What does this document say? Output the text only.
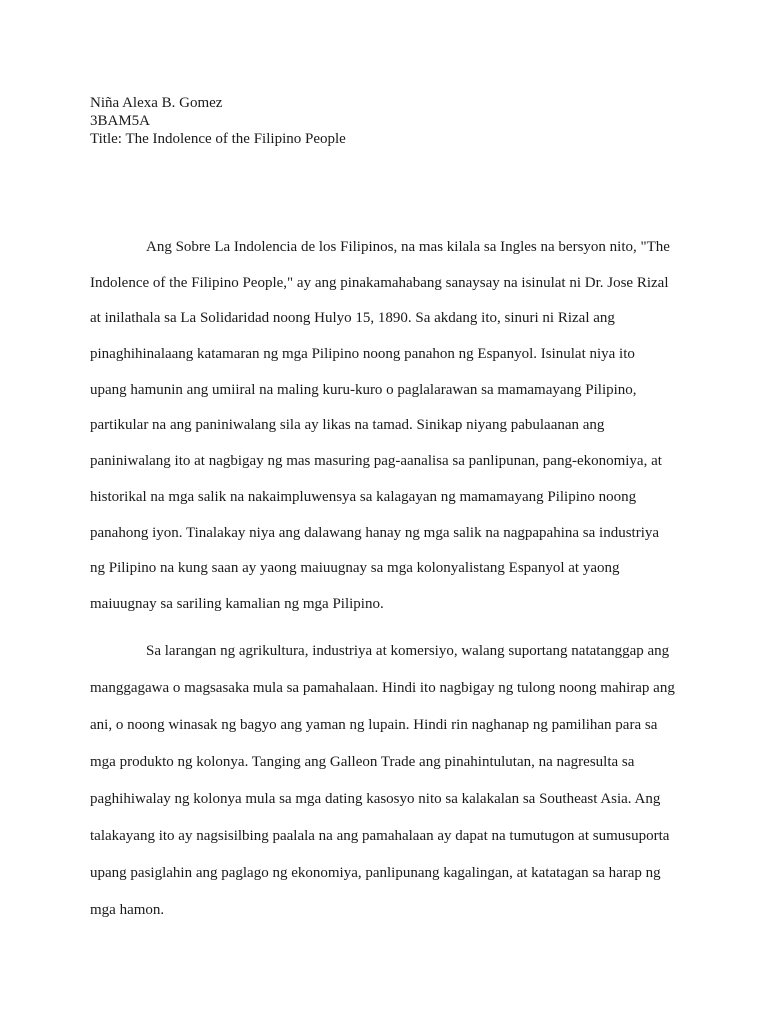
Niña Alexa B. Gomez
3BAM5A
Title: The Indolence of the Filipino People
Ang Sobre La Indolencia de los Filipinos, na mas kilala sa Ingles na bersyon nito, "The
Indolence of the Filipino People," ay ang pinakamahabang sanaysay na isinulat ni Dr. Jose Rizal
at inilathala sa La Solidaridad noong Hulyo 15, 1890. Sa akdang ito, sinuri ni Rizal ang
pinaghihinalaang katamaran ng mga Pilipino noong panahon ng Espanyol. Isinulat niya ito
upang hamunin ang umiiral na maling kuru-kuro o paglalarawan sa mamamayang Pilipino,
partikular na ang paniniwalang sila ay likas na tamad. Sinikap niyang pabulaanan ang
paniniwalang ito at nagbigay ng mas masuring pag-aanalisa sa panlipunan, pang-ekonomiya, at
historikal na mga salik na nakaimpluwensya sa kalagayan ng mamamayang Pilipino noong
panahong iyon. Tinalakay niya ang dalawang hanay ng mga salik na nagpapahina sa industriya
ng Pilipino na kung saan ay yaong maiuugnay sa mga kolonyalistang Espanyol at yaong
maiuugnay sa sariling kamalian ng mga Pilipino.
Sa larangan ng agrikultura, industriya at komersiyo, walang suportang natatanggap ang
manggagawa o magsasaka mula sa pamahalaan. Hindi ito nagbigay ng tulong noong mahirap ang
ani, o noong winasak ng bagyo ang yaman ng lupain. Hindi rin naghanap ng pamilihan para sa
mga produkto ng kolonya. Tanging ang Galleon Trade ang pinahintulutan, na nagresulta sa
paghihiwalay ng kolonya mula sa mga dating kasosyo nito sa kalakalan sa Southeast Asia. Ang
talakayang ito ay nagsisilbing paalala na ang pamahalaan ay dapat na tumutugon at sumusuporta
upang pasiglahin ang paglago ng ekonomiya, panlipunang kagalingan, at katatagan sa harap ng
mga hamon.
